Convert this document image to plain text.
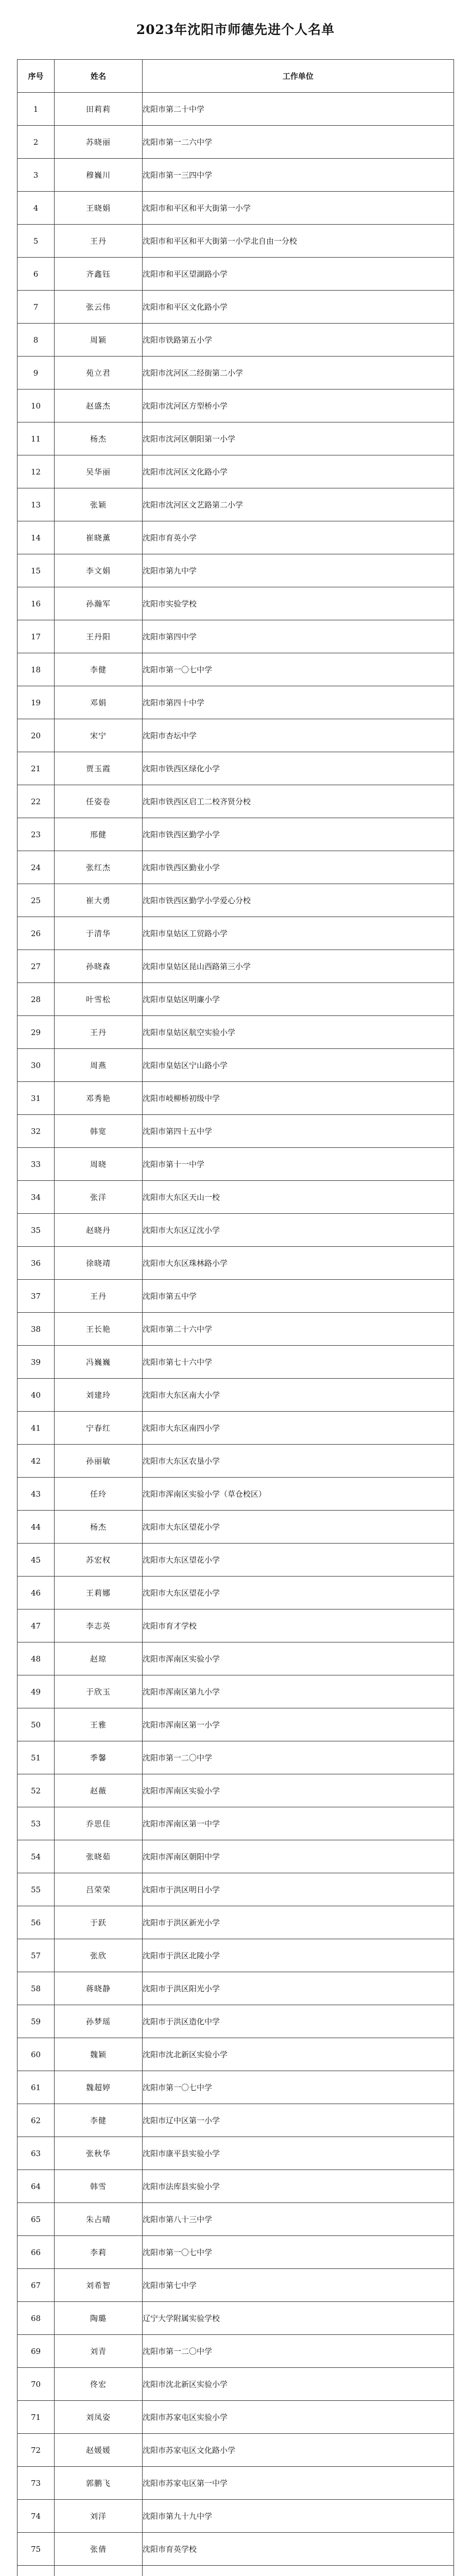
2023年沈阳市师德先进个人名单
序号	姓名	工作单位
1	田莉莉	沈阳市第二十中学
2	苏晓丽	沈阳市第一二六中学
3	穆巍川	沈阳市第一三四中学
4	王晓娟	沈阳市和平区和平大街第一小学
5	王丹	沈阳市和平区和平大街第一小学北自由一分校
6	齐鑫钰	沈阳市和平区望湖路小学
7	张云伟	沈阳市和平区文化路小学
8	周颖	沈阳市铁路第五小学
9	苑立君	沈阳市沈河区二经街第二小学
10	赵盛杰	沈阳市沈河区方型桥小学
11	杨杰	沈阳市沈河区朝阳第一小学
12	吴华丽	沈阳市沈河区文化路小学
13	张颖	沈阳市沈河区文艺路第二小学
14	崔晓薰	沈阳市育英小学
15	李文娟	沈阳市第九中学
16	孙瀚军	沈阳市实验学校
17	王丹阳	沈阳市第四中学
18	李健	沈阳市第一〇七中学
19	邓娟	沈阳市第四十中学
20	宋宁	沈阳市杏坛中学
21	贾玉霞	沈阳市铁西区绿化小学
22	任姿卷	沈阳市铁西区启工二校齐贤分校
23	邢健	沈阳市铁西区勤学小学
24	张红杰	沈阳市铁西区勤业小学
25	崔大勇	沈阳市铁西区勤学小学爱心分校
26	于清华	沈阳市皇姑区工贸路小学
27	孙晓森	沈阳市皇姑区昆山西路第三小学
28	叶雪松	沈阳市皇姑区明廉小学
29	王丹	沈阳市皇姑区航空实验小学
30	周燕	沈阳市皇姑区宁山路小学
31	邓秀艳	沈阳市岐柳桥初级中学
32	韩宽	沈阳市第四十五中学
33	周晓	沈阳市第十一中学
34	张洋	沈阳市大东区天山一校
35	赵晓丹	沈阳市大东区辽沈小学
36	徐晓靖	沈阳市大东区珠林路小学
37	王丹	沈阳市第五中学
38	王长艳	沈阳市第二十六中学
39	冯巍巍	沈阳市第七十六中学
40	刘建玲	沈阳市大东区南大小学
41	宁春红	沈阳市大东区南四小学
42	孙丽敏	沈阳市大东区农垦小学
43	任玲	沈阳市浑南区实验小学（草仓校区）
44	杨杰	沈阳市大东区望花小学
45	苏宏权	沈阳市大东区望花小学
46	王莉娜	沈阳市大东区望花小学
47	李志英	沈阳市育才学校
48	赵琼	沈阳市浑南区实验小学
49	于欣玉	沈阳市浑南区第九小学
50	王雅	沈阳市浑南区第一小学
51	季馨	沈阳市第一二〇中学
52	赵薇	沈阳市浑南区实验小学
53	乔思佳	沈阳市浑南区第一中学
54	张晓茹	沈阳市浑南区朝阳中学
55	吕荣荣	沈阳市于洪区明日小学
56	于跃	沈阳市于洪区新光小学
57	张欣	沈阳市于洪区北陵小学
58	蒋晓静	沈阳市于洪区阳光小学
59	孙梦瑶	沈阳市于洪区造化中学
60	魏颖	沈阳市沈北新区实验小学
61	魏超婷	沈阳市第一〇七中学
62	李健	沈阳市辽中区第一小学
63	张秋华	沈阳市康平县实验小学
64	韩雪	沈阳市法库县实验小学
65	朱占晴	沈阳市第八十三中学
66	李莉	沈阳市第一〇七中学
67	刘希智	沈阳市第七中学
68	陶璐	辽宁大学附属实验学校
69	刘青	沈阳市第一二〇中学
70	佟宏	沈阳市沈北新区实验小学
71	刘凤姿	沈阳市苏家屯区实验小学
72	赵媛媛	沈阳市苏家屯区文化路小学
73	郭鹏飞	沈阳市苏家屯区第一中学
74	刘洋	沈阳市第九十九中学
75	张倩	沈阳市育英学校
